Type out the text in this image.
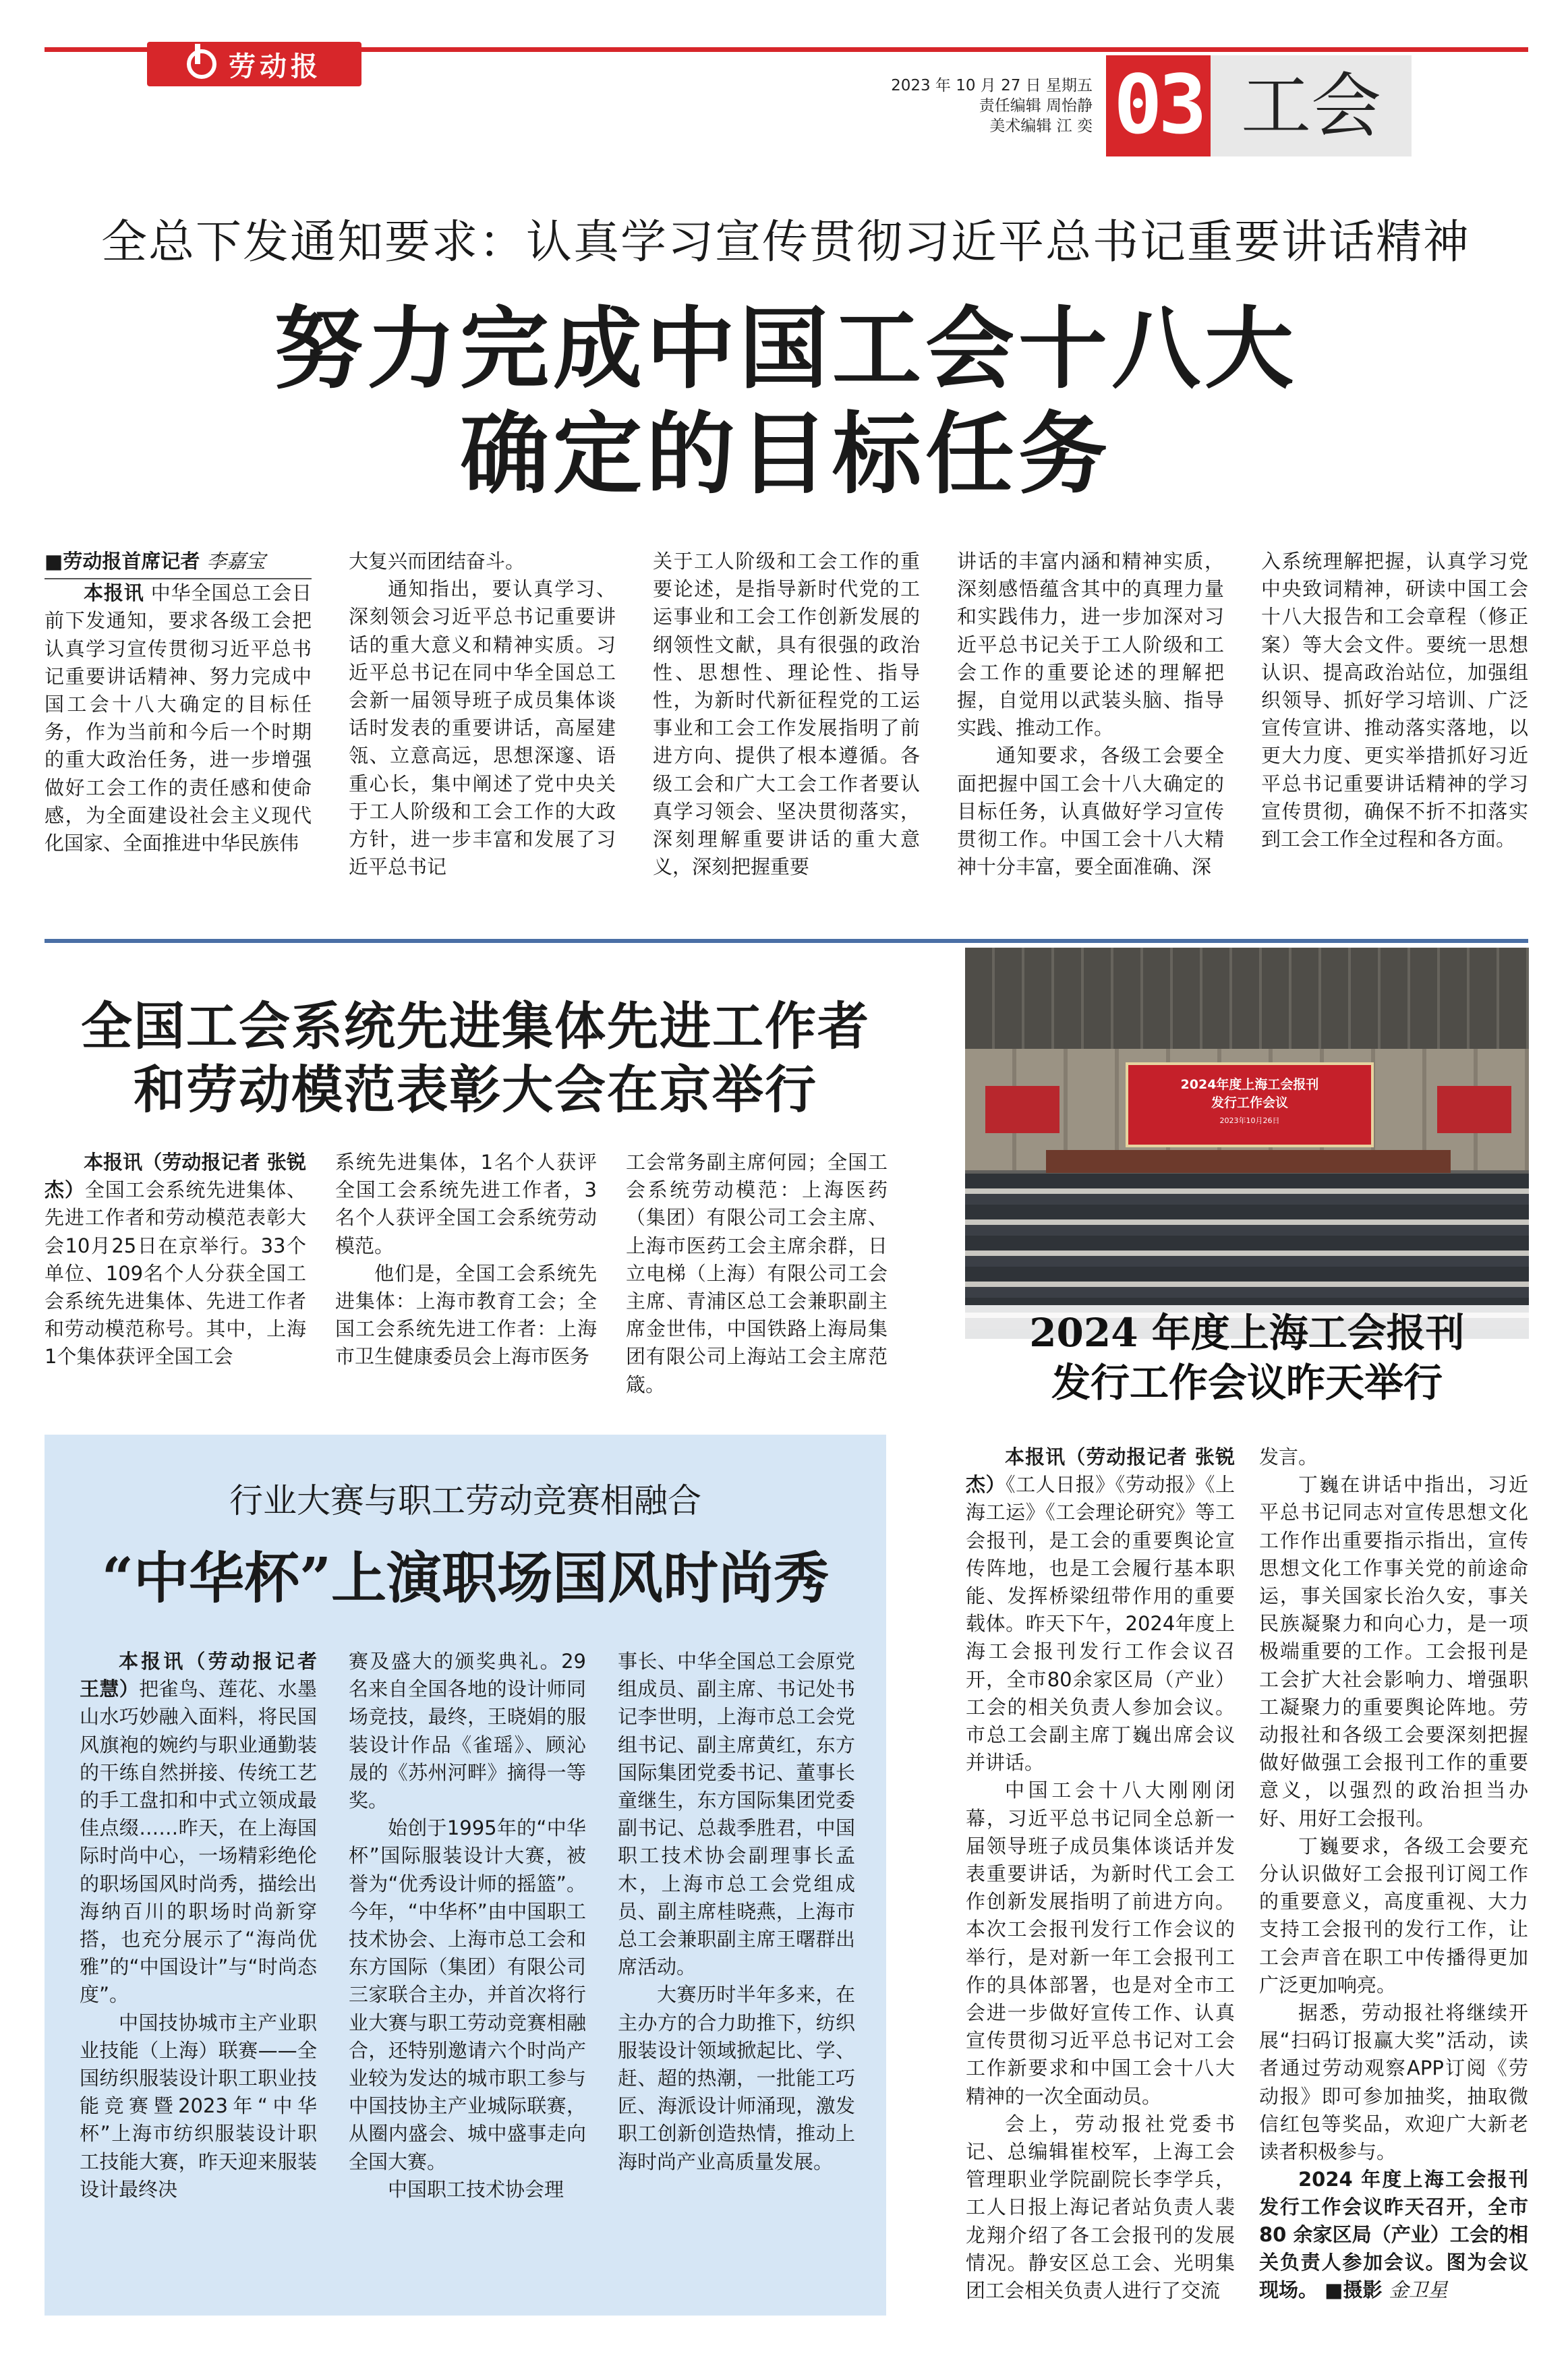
劳动报
2023 年 10 月 27 日 星期五
责任编辑 周怡静
美术编辑 江 奕 03 工会
全总下发通知要求：认真学习宣传贯彻习近平总书记重要讲话精神
努力完成中国工会十八大
确定的目标任务

■劳动报首席记者 李嘉宝

本报讯 中华全国总工会日前下发通知，要求各级工会把认真学习宣传贯彻习近平总书记重要讲话精神、努力完成中国工会十八大确定的目标任务，作为当前和今后一个时期的重大政治任务，进一步增强做好工会工作的责任感和使命感，为全面建设社会主义现代化国家、全面推进中华民族伟

大复兴而团结奋斗。

通知指出，要认真学习、深刻领会习近平总书记重要讲话的重大意义和精神实质。习近平总书记在同中华全国总工会新一届领导班子成员集体谈话时发表的重要讲话，高屋建瓴、立意高远，思想深邃、语重心长，集中阐述了党中央关于工人阶级和工会工作的大政方针，进一步丰富和发展了习近平总书记

关于工人阶级和工会工作的重要论述，是指导新时代党的工运事业和工会工作创新发展的纲领性文献，具有很强的政治性、思想性、理论性、指导性，为新时代新征程党的工运事业和工会工作发展指明了前进方向、提供了根本遵循。各级工会和广大工会工作者要认真学习领会、坚决贯彻落实，深刻理解重要讲话的重大意义，深刻把握重要

讲话的丰富内涵和精神实质，深刻感悟蕴含其中的真理力量和实践伟力，进一步加深对习近平总书记关于工人阶级和工会工作的重要论述的理解把握，自觉用以武装头脑、指导实践、推动工作。

通知要求，各级工会要全面把握中国工会十八大确定的目标任务，认真做好学习宣传贯彻工作。中国工会十八大精神十分丰富，要全面准确、深

入系统理解把握，认真学习党中央致词精神，研读中国工会十八大报告和工会章程（修正案）等大会文件。要统一思想认识、提高政治站位，加强组织领导、抓好学习培训、广泛宣传宣讲、推动落实落地，以更大力度、更实举措抓好习近平总书记重要讲话精神的学习宣传贯彻，确保不折不扣落实到工会工作全过程和各方面。

全国工会系统先进集体先进工作者
和劳动模范表彰大会在京举行

本报讯（劳动报记者 张锐杰）全国工会系统先进集体、先进工作者和劳动模范表彰大会10月25日在京举行。33个单位、109名个人分获全国工会系统先进集体、先进工作者和劳动模范称号。其中，上海1个集体获评全国工会

系统先进集体，1名个人获评全国工会系统先进工作者，3名个人获评全国工会系统劳动模范。

他们是，全国工会系统先进集体：上海市教育工会；全国工会系统先进工作者：上海市卫生健康委员会上海市医务

工会常务副主席何园；全国工会系统劳动模范：上海医药（集团）有限公司工会主席、上海市医药工会主席余群，日立电梯（上海）有限公司工会主席、青浦区总工会兼职副主席金世伟，中国铁路上海局集团有限公司上海站工会主席范箴。

2024年度上海工会报刊
发行工作会议
2023年10月26日
2024 年度上海工会报刊
发行工作会议昨天举行

本报讯（劳动报记者 张锐杰）《工人日报》《劳动报》《上海工运》《工会理论研究》等工会报刊，是工会的重要舆论宣传阵地，也是工会履行基本职能、发挥桥梁纽带作用的重要载体。昨天下午，2024年度上海工会报刊发行工作会议召开，全市80余家区局（产业）工会的相关负责人参加会议。市总工会副主席丁巍出席会议并讲话。

中国工会十八大刚刚闭幕，习近平总书记同全总新一届领导班子成员集体谈话并发表重要讲话，为新时代工会工作创新发展指明了前进方向。本次工会报刊发行工作会议的举行，是对新一年工会报刊工作的具体部署，也是对全市工会进一步做好宣传工作、认真宣传贯彻习近平总书记对工会工作新要求和中国工会十八大精神的一次全面动员。

会上，劳动报社党委书记、总编辑崔校军，上海工会管理职业学院副院长李学兵，工人日报上海记者站负责人裴龙翔介绍了各工会报刊的发展情况。静安区总工会、光明集团工会相关负责人进行了交流

发言。

丁巍在讲话中指出，习近平总书记同志对宣传思想文化工作作出重要指示指出，宣传思想文化工作事关党的前途命运，事关国家长治久安，事关民族凝聚力和向心力，是一项极端重要的工作。工会报刊是工会扩大社会影响力、增强职工凝聚力的重要舆论阵地。劳动报社和各级工会要深刻把握做好做强工会报刊工作的重要意义，以强烈的政治担当办好、用好工会报刊。

丁巍要求，各级工会要充分认识做好工会报刊订阅工作的重要意义，高度重视、大力支持工会报刊的发行工作，让工会声音在职工中传播得更加广泛更加响亮。

据悉，劳动报社将继续开展“扫码订报赢大奖”活动，读者通过劳动观察APP订阅《劳动报》即可参加抽奖，抽取微信红包等奖品，欢迎广大新老读者积极参与。

2024 年度上海工会报刊发行工作会议昨天召开，全市 80 余家区局（产业）工会的相关负责人参加会议。图为会议现场。 ■摄影 金卫星

行业大赛与职工劳动竞赛相融合
“中华杯”上演职场国风时尚秀

本报讯（劳动报记者 王慧）把雀鸟、莲花、水墨山水巧妙融入面料，将民国风旗袍的婉约与职业通勤装的干练自然拼接、传统工艺的手工盘扣和中式立领成最佳点缀……昨天，在上海国际时尚中心，一场精彩绝伦的职场国风时尚秀，描绘出海纳百川的职场时尚新穿搭，也充分展示了“海尚优雅”的“中国设计”与“时尚态度”。

中国技协城市主产业职业技能（上海）联赛——全国纺织服装设计职工职业技能竞赛暨2023年“中华杯”上海市纺织服装设计职工技能大赛，昨天迎来服装设计最终决

赛及盛大的颁奖典礼。29名来自全国各地的设计师同场竞技，最终，王晓娟的服装设计作品《雀瑶》、顾沁晟的《苏州河畔》摘得一等奖。

始创于1995年的“中华杯”国际服装设计大赛，被誉为“优秀设计师的摇篮”。今年，“中华杯”由中国职工技术协会、上海市总工会和东方国际（集团）有限公司三家联合主办，并首次将行业大赛与职工劳动竞赛相融合，还特别邀请六个时尚产业较为发达的城市职工参与中国技协主产业城际联赛，从圈内盛会、城中盛事走向全国大赛。

中国职工技术协会理

事长、中华全国总工会原党组成员、副主席、书记处书记李世明，上海市总工会党组书记、副主席黄红，东方国际集团党委书记、董事长童继生，东方国际集团党委副书记、总裁季胜君，中国职工技术协会副理事长孟木，上海市总工会党组成员、副主席桂晓燕，上海市总工会兼职副主席王曙群出席活动。

大赛历时半年多来，在主办方的合力助推下，纺织服装设计领域掀起比、学、赶、超的热潮，一批能工巧匠、海派设计师涌现，激发职工创新创造热情，推动上海时尚产业高质量发展。
